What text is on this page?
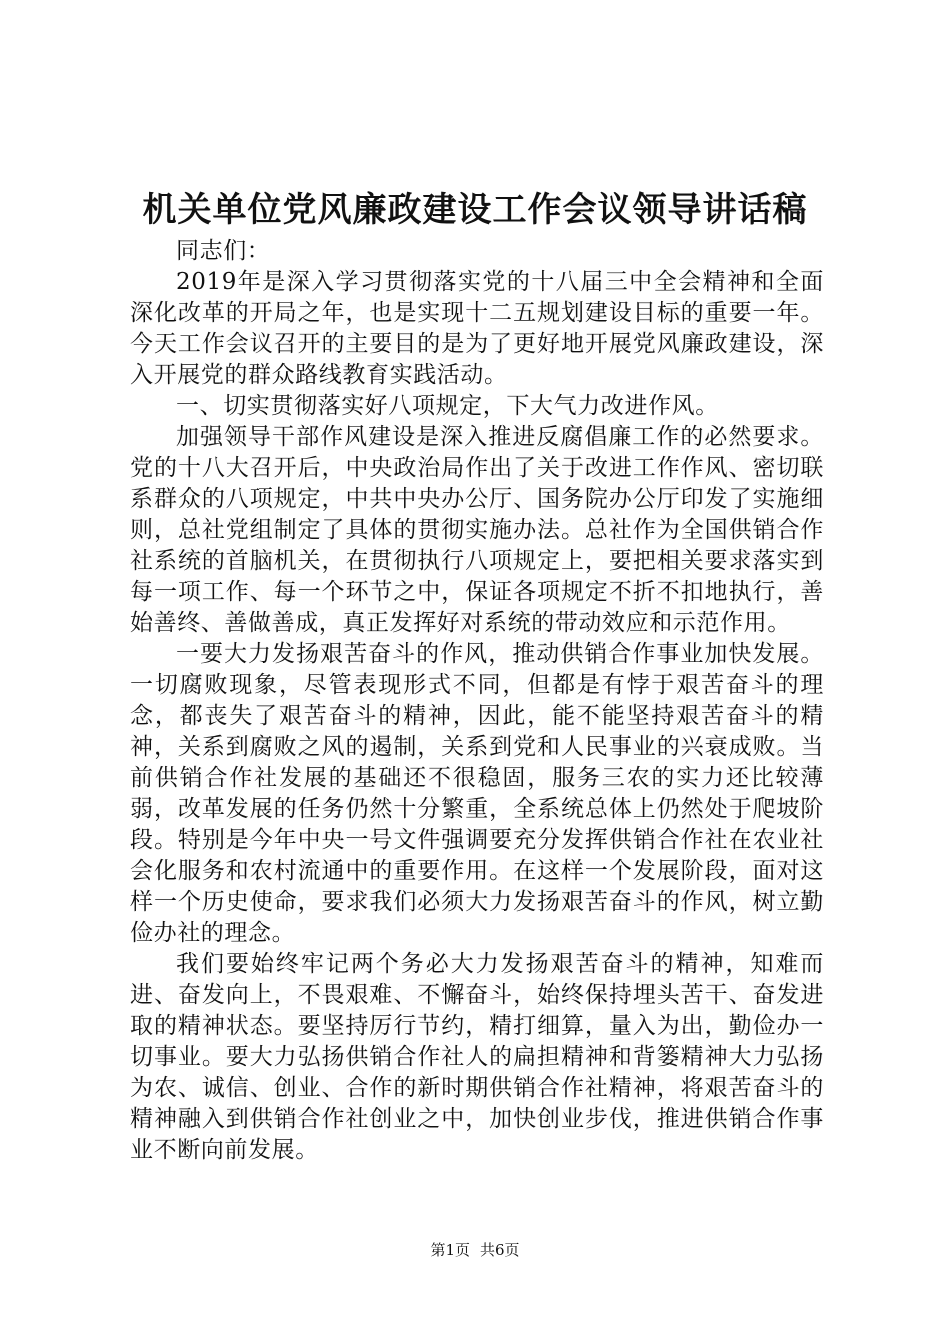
机关单位党风廉政建设工作会议领导讲话稿

同志们：

2019年是深入学习贯彻落实党的十八届三中全会精神和全面深化改革的开局之年，也是实现十二五规划建设目标的重要一年。今天工作会议召开的主要目的是为了更好地开展党风廉政建设，深入开展党的群众路线教育实践活动。

一、切实贯彻落实好八项规定，下大气力改进作风。

加强领导干部作风建设是深入推进反腐倡廉工作的必然要求。党的十八大召开后，中央政治局作出了关于改进工作作风、密切联系群众的八项规定，中共中央办公厅、国务院办公厅印发了实施细则，总社党组制定了具体的贯彻实施办法。总社作为全国供销合作社系统的首脑机关，在贯彻执行八项规定上，要把相关要求落实到每一项工作、每一个环节之中，保证各项规定不折不扣地执行，善始善终、善做善成，真正发挥好对系统的带动效应和示范作用。

一要大力发扬艰苦奋斗的作风，推动供销合作事业加快发展。一切腐败现象，尽管表现形式不同，但都是有悖于艰苦奋斗的理念，都丧失了艰苦奋斗的精神，因此，能不能坚持艰苦奋斗的精神，关系到腐败之风的遏制，关系到党和人民事业的兴衰成败。当前供销合作社发展的基础还不很稳固，服务三农的实力还比较薄弱，改革发展的任务仍然十分繁重，全系统总体上仍然处于爬坡阶段。特别是今年中央一号文件强调要充分发挥供销合作社在农业社会化服务和农村流通中的重要作用。在这样一个发展阶段，面对这样一个历史使命，要求我们必须大力发扬艰苦奋斗的作风，树立勤俭办社的理念。

我们要始终牢记两个务必大力发扬艰苦奋斗的精神，知难而进、奋发向上，不畏艰难、不懈奋斗，始终保持埋头苦干、奋发进取的精神状态。要坚持厉行节约，精打细算，量入为出，勤俭办一切事业。要大力弘扬供销合作社人的扁担精神和背篓精神大力弘扬为农、诚信、创业、合作的新时期供销合作社精神，将艰苦奋斗的精神融入到供销合作社创业之中，加快创业步伐，推进供销合作事业不断向前发展。

第1页 共6页
